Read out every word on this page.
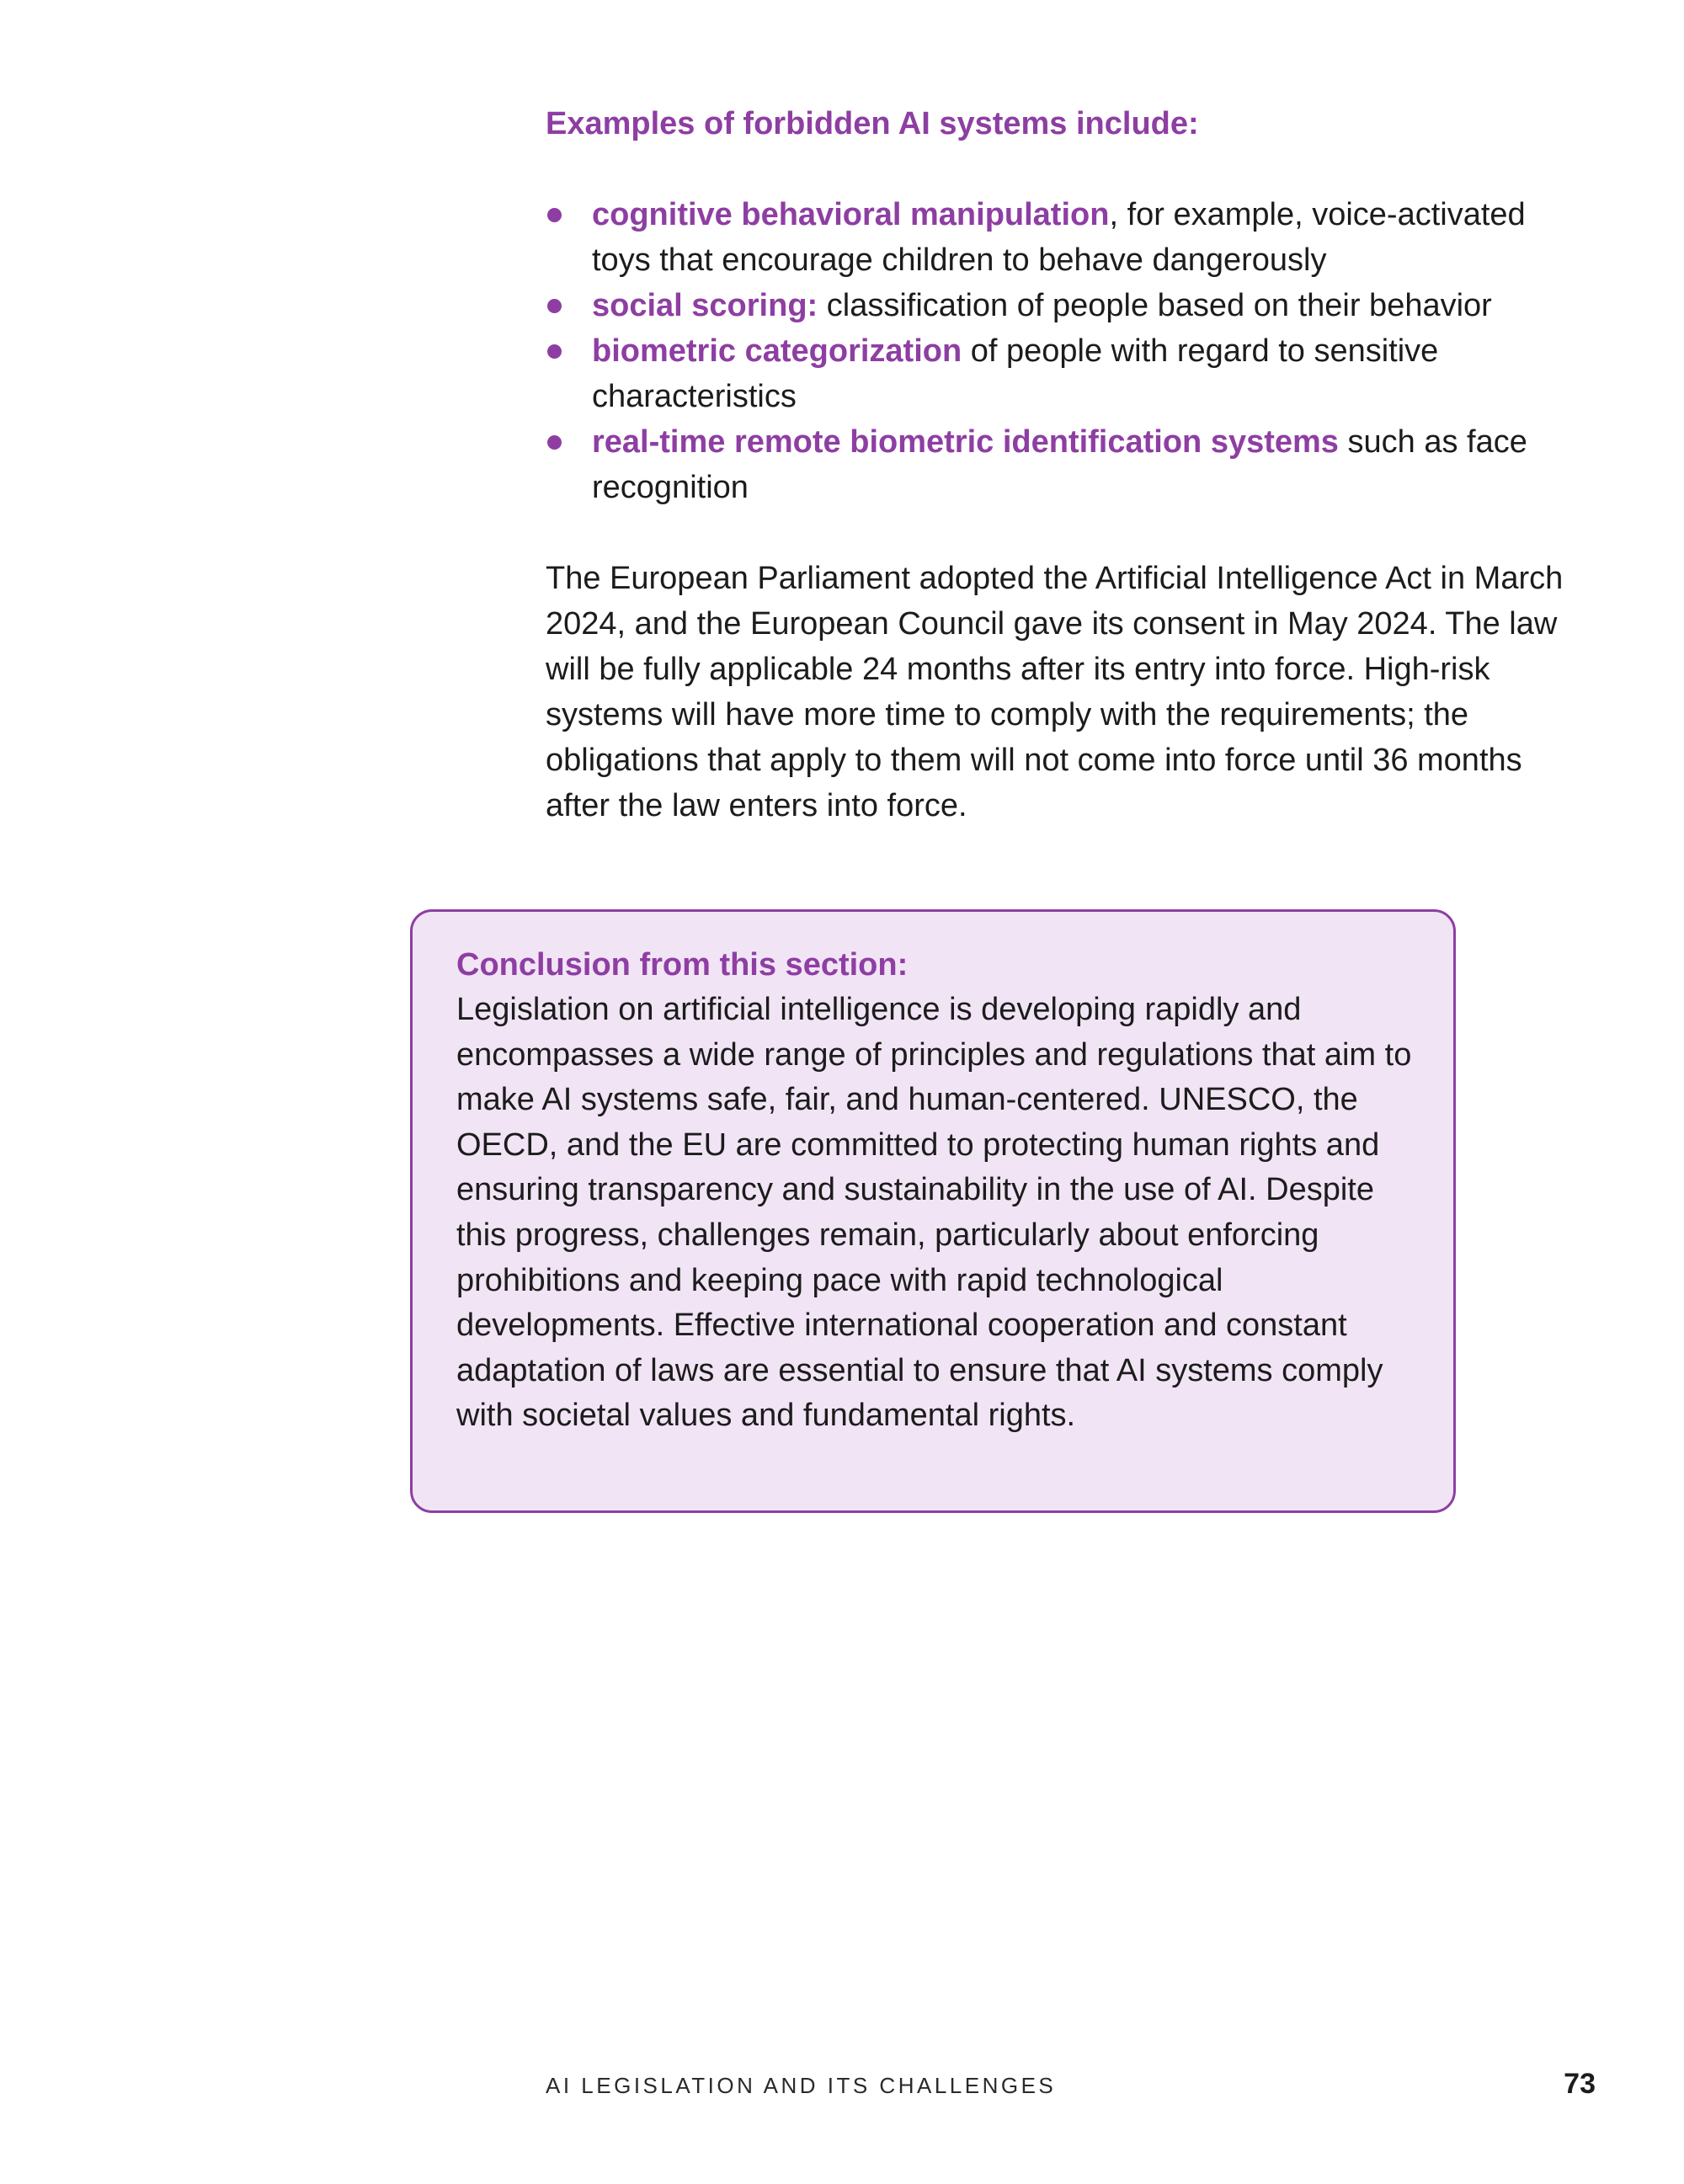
Examples of forbidden AI systems include:
cognitive behavioral manipulation, for example, voice-activated toys that encourage children to behave dangerously
social scoring: classification of people based on their behavior
biometric categorization of people with regard to sensitive characteristics
real-time remote biometric identification systems such as face recognition

The European Parliament adopted the Artificial Intelligence Act in March 2024, and the European Council gave its consent in May 2024. The law will be fully applicable 24 months after its entry into force. High-risk systems will have more time to comply with the requirements; the obligations that apply to them will not come into force until 36 months after the law enters into force.

Conclusion from this section:

Legislation on artificial intelligence is developing rapidly and encompasses a wide range of principles and regulations that aim to make AI systems safe, fair, and human-centered. UNESCO, the OECD, and the EU are committed to protecting human rights and ensuring transparency and sustainability in the use of AI. Despite this progress, challenges remain, particularly about enforcing prohibitions and keeping pace with rapid technological developments. Effective international cooperation and constant adaptation of laws are essential to ensure that AI systems comply with societal values and fundamental rights.

AI LEGISLATION AND ITS CHALLENGES	73
